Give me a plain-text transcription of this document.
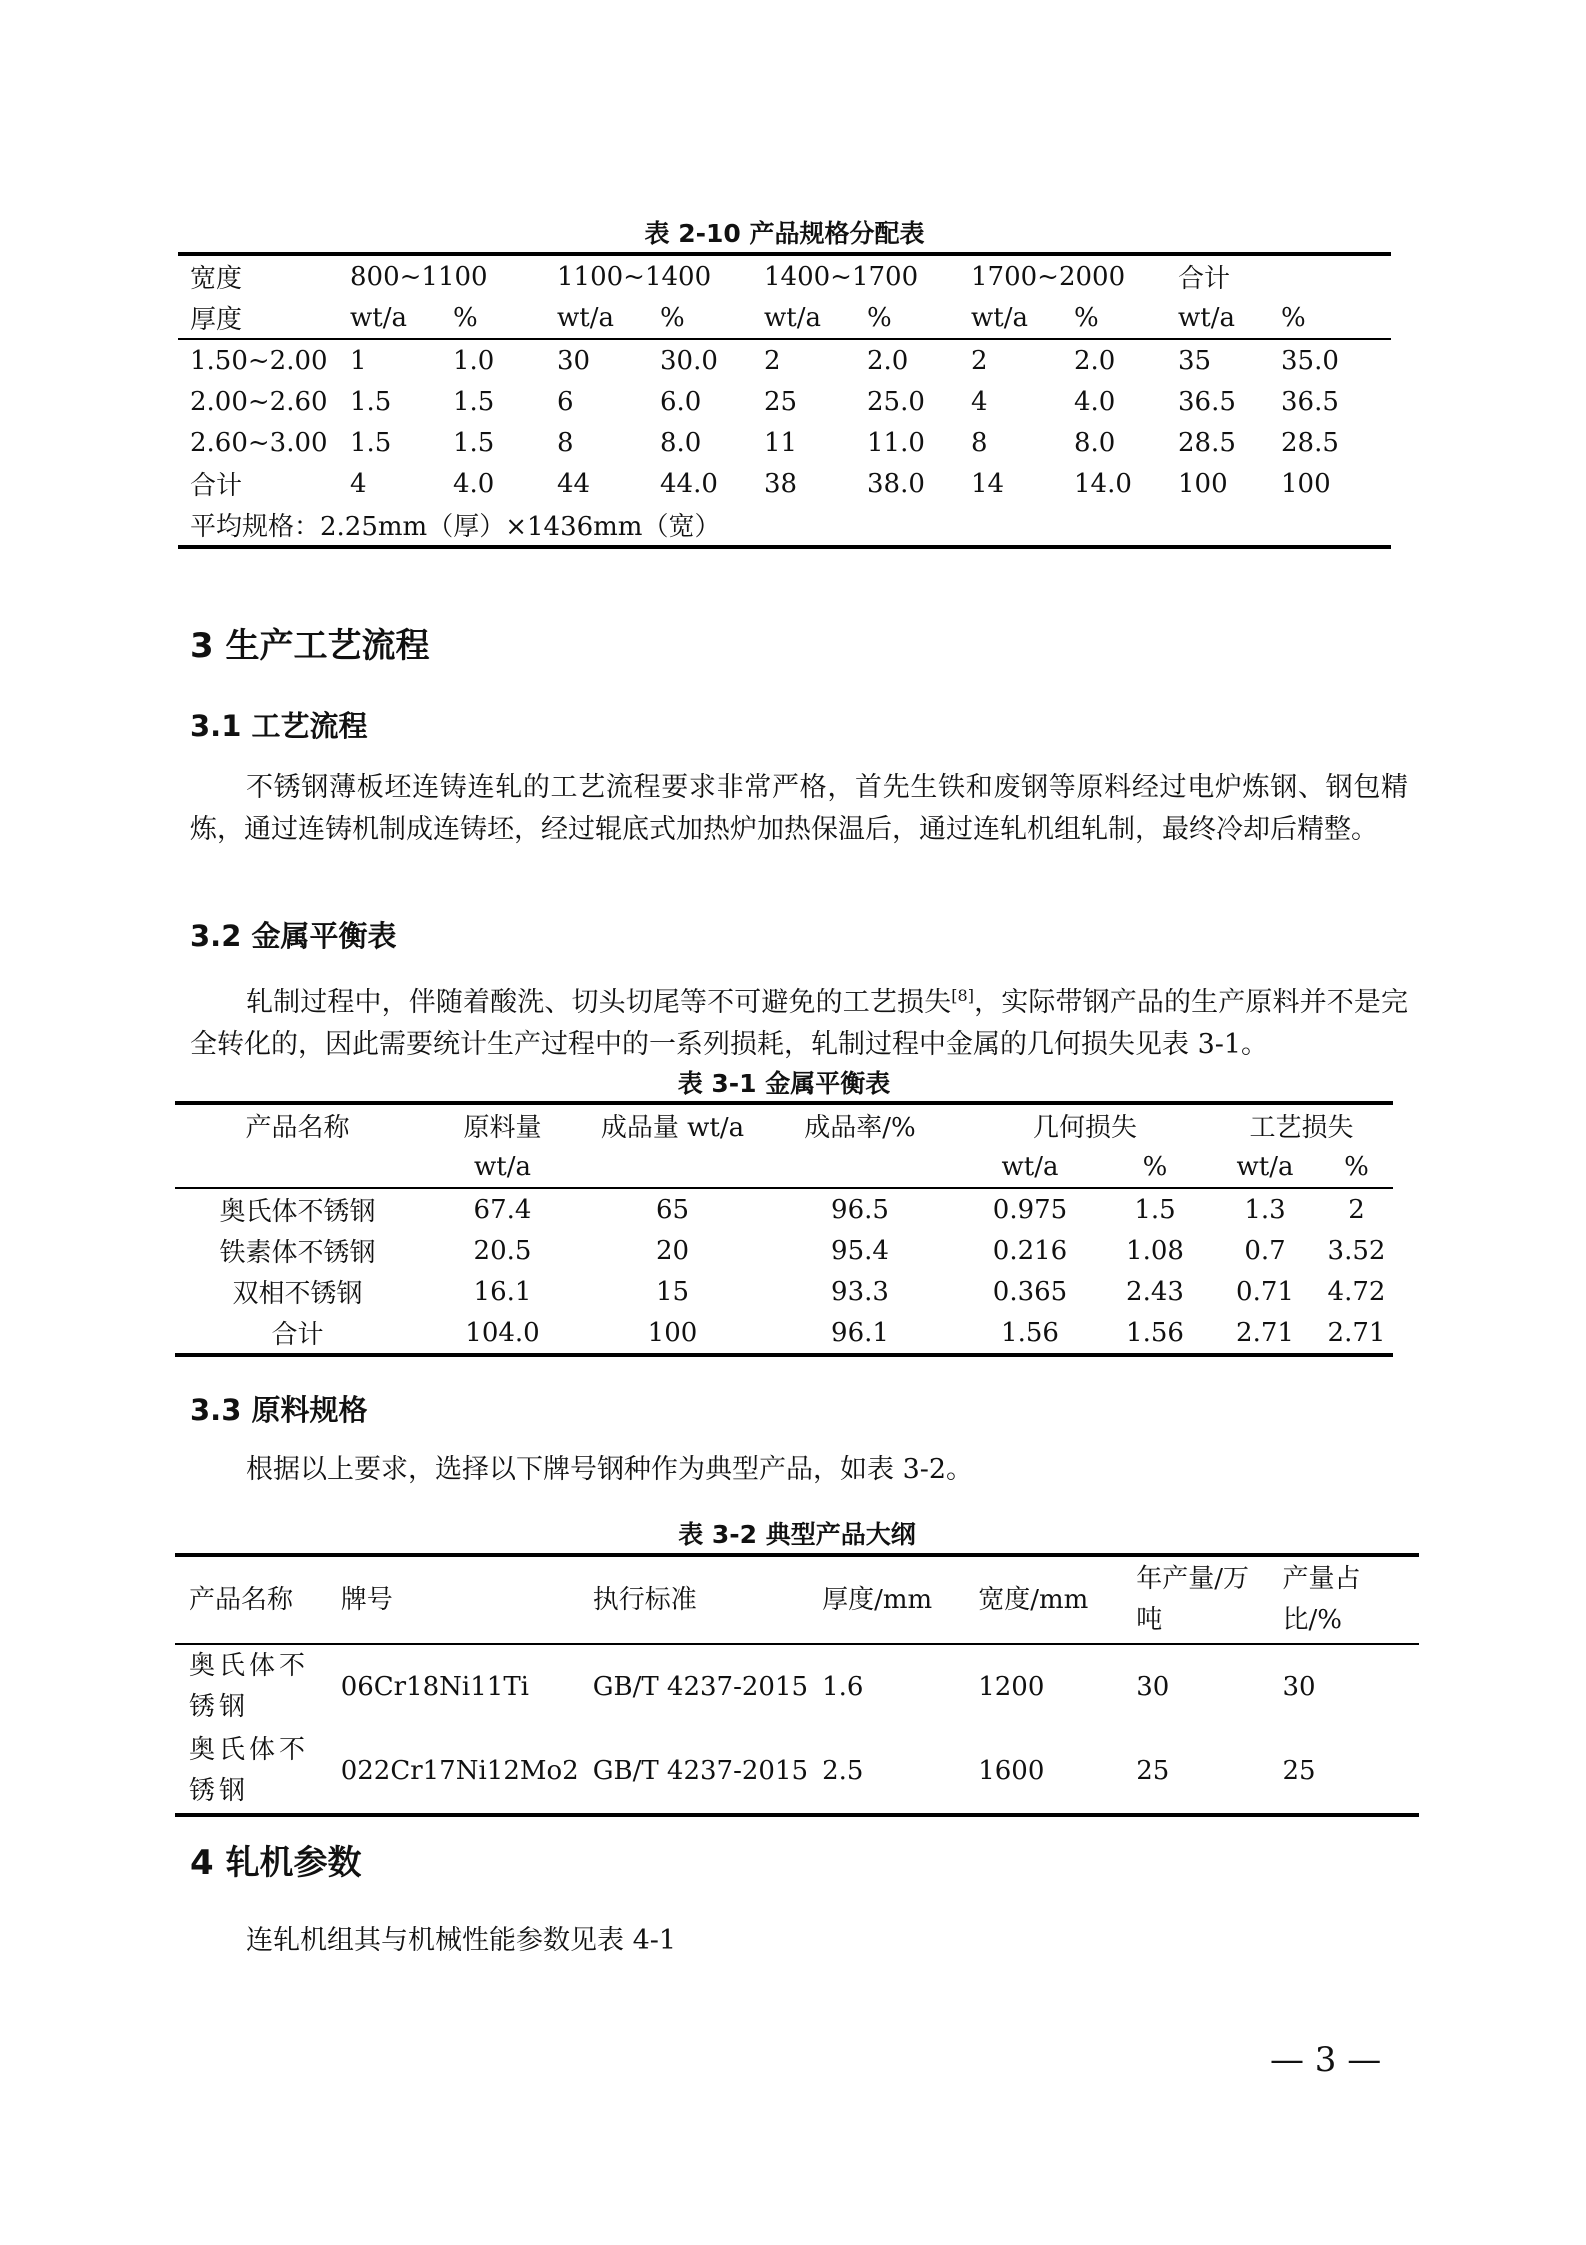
表 2-10 产品规格分配表
宽度	800~1100		1100~1400		1400~1700		1700~2000		合计	
厚度	wt/a	%	wt/a	%	wt/a	%	wt/a	%	wt/a	%
1.50~2.00	1	1.0	30	30.0	2	2.0	2	2.0	35	35.0
2.00~2.60	1.5	1.5	6	6.0	25	25.0	4	4.0	36.5	36.5
2.60~3.00	1.5	1.5	8	8.0	11	11.0	8	8.0	28.5	28.5
合计	4	4.0	44	44.0	38	38.0	14	14.0	100	100
平均规格：2.25mm（厚）×1436mm（宽）										
3 生产工艺流程
3.1 工艺流程
不锈钢薄板坯连铸连轧的工艺流程要求非常严格，首先生铁和废钢等原料经过电炉炼钢、钢包精炼，通过连铸机制成连铸坯，经过辊底式加热炉加热保温后，通过连轧机组轧制，最终冷却后精整。
3.2 金属平衡表
轧制过程中，伴随着酸洗、切头切尾等不可避免的工艺损失[8]，实际带钢产品的生产原料并不是完全转化的，因此需要统计生产过程中的一系列损耗，轧制过程中金属的几何损失见表 3-1。
表 3-1 金属平衡表
产品名称	原料量	成品量 wt/a	成品率/%	几何损失		工艺损失	
	wt/a			wt/a	%	wt/a	%
奥氏体不锈钢	67.4	65	96.5	0.975	1.5	1.3	2
铁素体不锈钢	20.5	20	95.4	0.216	1.08	0.7	3.52
双相不锈钢	16.1	15	93.3	0.365	2.43	0.71	4.72
合计	104.0	100	96.1	1.56	1.56	2.71	2.71
3.3 原料规格
根据以上要求，选择以下牌号钢种作为典型产品，如表 3-2。
表 3-2 典型产品大纲
产品名称	牌号	执行标准	厚度/mm	宽度/mm	年产量/万吨	产量占比/%
奥氏体不锈钢	06Cr18Ni11Ti	GB/T 4237-2015	1.6	1200	30	30
奥氏体不锈钢	022Cr17Ni12Mo2	GB/T 4237-2015	2.5	1600	25	25
4 轧机参数
连轧机组其与机械性能参数见表 4-1
— 3 —
